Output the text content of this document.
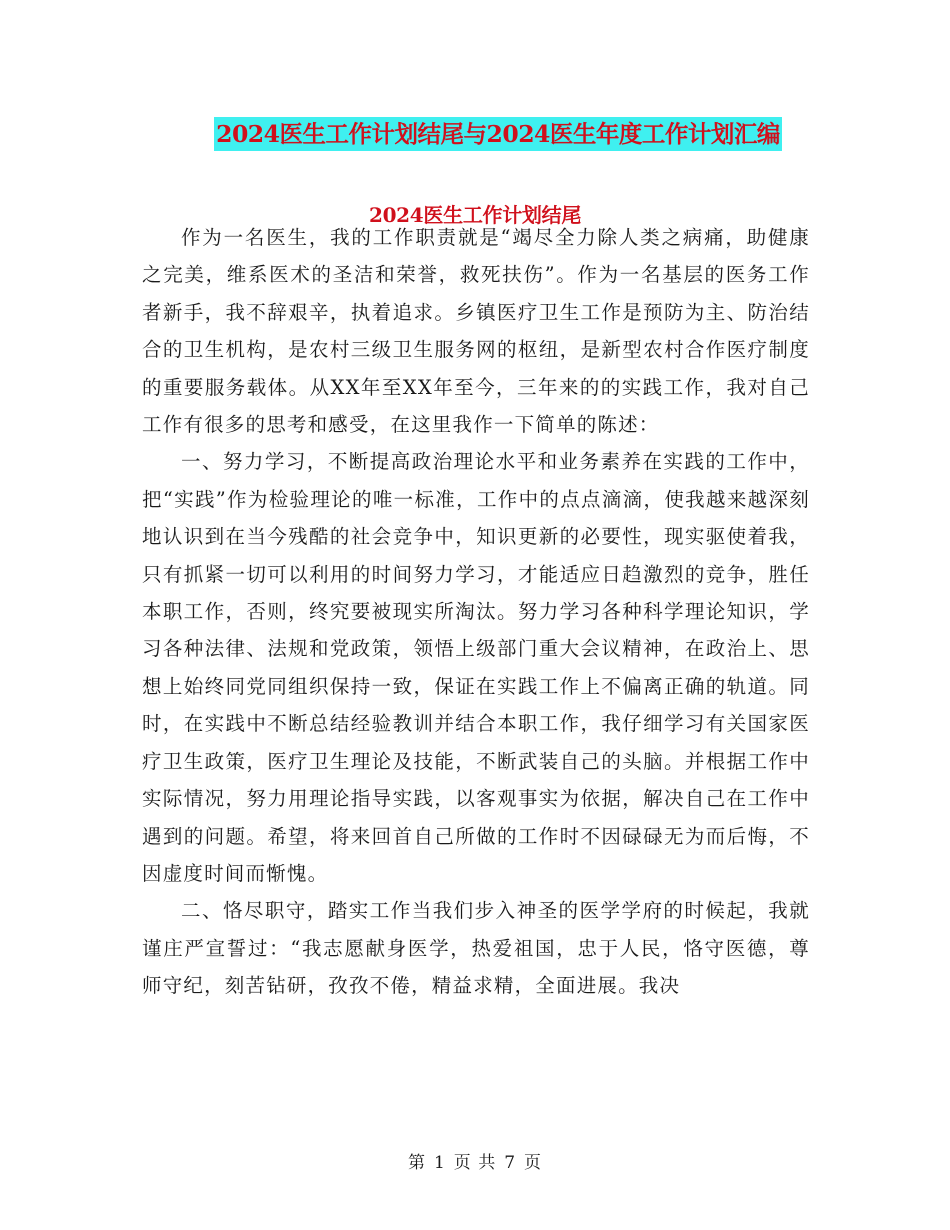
2024医生工作计划结尾与2024医生年度工作计划汇编
2024医生工作计划结尾

作为一名医生，我的工作职责就是“竭尽全力除人类之病痛，助健康之完美，维系医术的圣洁和荣誉，救死扶伤”。作为一名基层的医务工作者新手，我不辞艰辛，执着追求。乡镇医疗卫生工作是预防为主、防治结合的卫生机构，是农村三级卫生服务网的枢纽，是新型农村合作医疗制度的重要服务载体。从XX年至XX年至今，三年来的的实践工作，我对自己工作有很多的思考和感受，在这里我作一下简单的陈述：

一、努力学习，不断提高政治理论水平和业务素养在实践的工作中，把“实践”作为检验理论的唯一标准，工作中的点点滴滴，使我越来越深刻地认识到在当今残酷的社会竞争中，知识更新的必要性，现实驱使着我，只有抓紧一切可以利用的时间努力学习，才能适应日趋激烈的竞争，胜任本职工作，否则，终究要被现实所淘汰。努力学习各种科学理论知识，学习各种法律、法规和党政策，领悟上级部门重大会议精神，在政治上、思想上始终同党同组织保持一致，保证在实践工作上不偏离正确的轨道。同时，在实践中不断总结经验教训并结合本职工作，我仔细学习有关国家医疗卫生政策，医疗卫生理论及技能，不断武装自己的头脑。并根据工作中实际情况，努力用理论指导实践，以客观事实为依据，解决自己在工作中遇到的问题。希望，将来回首自己所做的工作时不因碌碌无为而后悔，不因虚度时间而惭愧。

二、恪尽职守，踏实工作当我们步入神圣的医学学府的时候起，我就谨庄严宣誓过：“我志愿献身医学，热爱祖国，忠于人民，恪守医德，尊师守纪，刻苦钻研，孜孜不倦，精益求精，全面进展。我决

第 1 页 共 7 页
